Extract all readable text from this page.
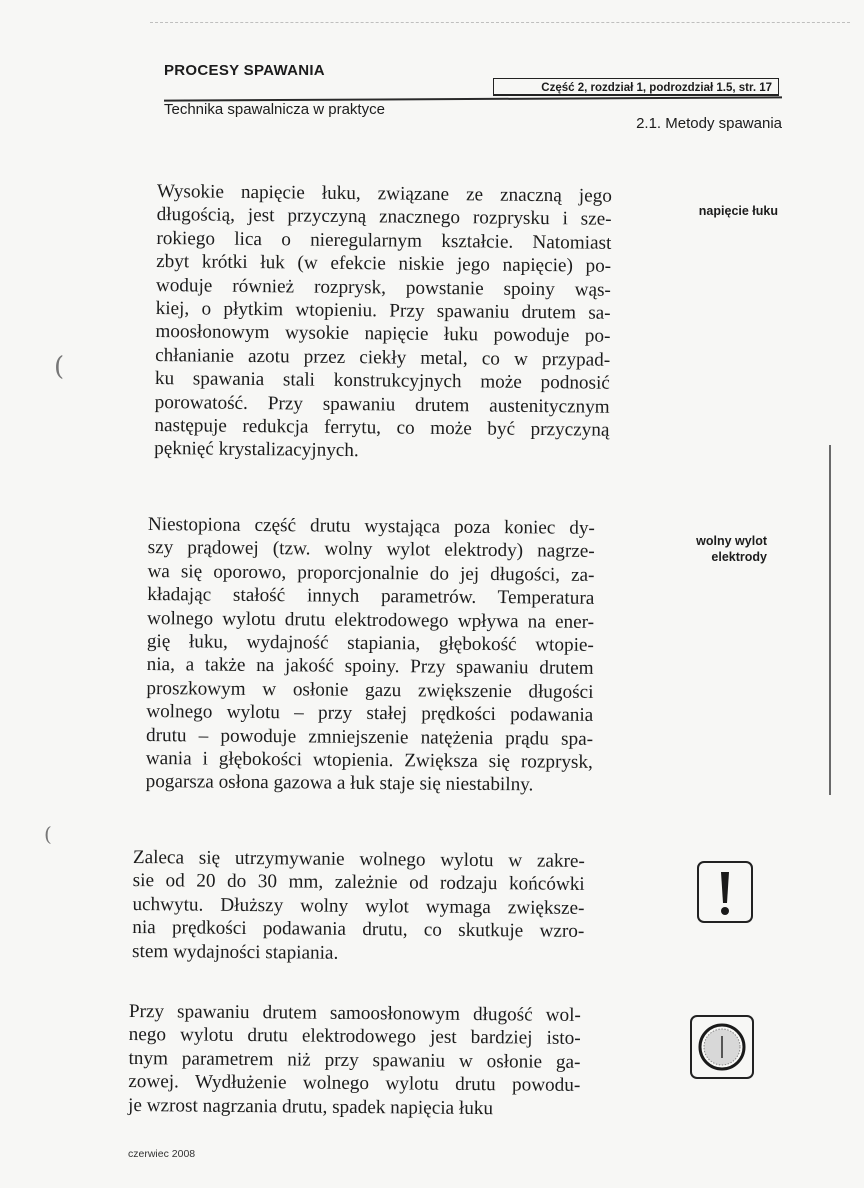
PROCESY SPAWANIA
Część 2, rozdział 1, podrozdział 1.5, str. 17
Technika spawalnicza w praktyce
2.1. Metody spawania
Wysokie napięcie łuku, związane ze znaczną jego
długością, jest przyczyną znacznego rozprysku i sze-
rokiego lica o nieregularnym kształcie. Natomiast
zbyt krótki łuk (w efekcie niskie jego napięcie) po-
woduje również rozprysk, powstanie spoiny wąs-
kiej, o płytkim wtopieniu. Przy spawaniu drutem sa-
moosłonowym wysokie napięcie łuku powoduje po-
chłanianie azotu przez ciekły metal, co w przypad-
ku spawania stali konstrukcyjnych może podnosić
porowatość. Przy spawaniu drutem austenitycznym
następuje redukcja ferrytu, co może być przyczyną
pęknięć krystalizacyjnych.
Niestopiona część drutu wystająca poza koniec dy-
szy prądowej (tzw. wolny wylot elektrody) nagrze-
wa się oporowo, proporcjonalnie do jej długości, za-
kładając stałość innych parametrów. Temperatura
wolnego wylotu drutu elektrodowego wpływa na ener-
gię łuku, wydajność stapiania, głębokość wtopie-
nia, a także na jakość spoiny. Przy spawaniu drutem
proszkowym w osłonie gazu zwiększenie długości
wolnego wylotu – przy stałej prędkości podawania
drutu – powoduje zmniejszenie natężenia prądu spa-
wania i głębokości wtopienia. Zwiększa się rozprysk,
pogarsza osłona gazowa a łuk staje się niestabilny.
Zaleca się utrzymywanie wolnego wylotu w zakre-
sie od 20 do 30 mm, zależnie od rodzaju końcówki
uchwytu. Dłuższy wolny wylot wymaga zwiększe-
nia prędkości podawania drutu, co skutkuje wzro-
stem wydajności stapiania.
Przy spawaniu drutem samoosłonowym długość wol-
nego wylotu drutu elektrodowego jest bardziej isto-
tnym parametrem niż przy spawaniu w osłonie ga-
zowej. Wydłużenie wolnego wylotu drutu powodu-
je wzrost nagrzania drutu, spadek napięcia łuku
napięcie łuku
wolny wylot
elektrody
(
(
czerwiec 2008
